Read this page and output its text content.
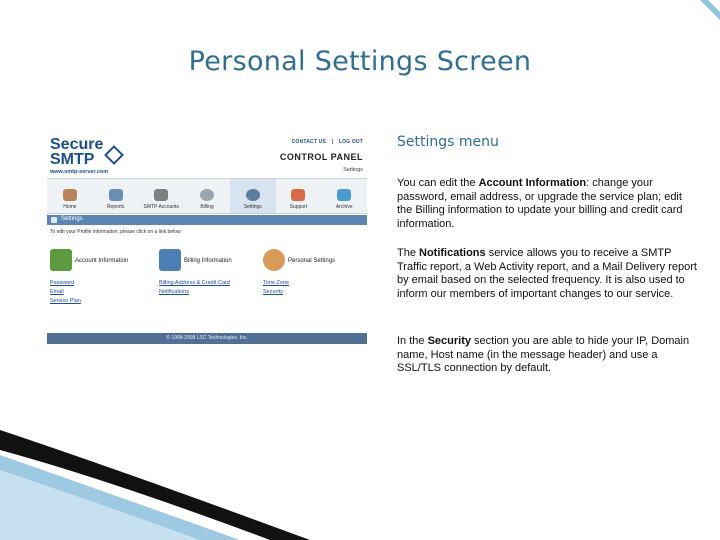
Personal Settings Screen
Secure
SMTP
www.smtp-server.com
CONTACT US | LOG OUT
CONTROL PANEL
Settings
Home	Reports	SMTP Accounts	Billing	Settings	Support	Archive
Settings
To edit your Profile information, please click on a link below
Account Information
Password
Email
Service Plan
Billing Information
Billing Address & Credit Card
Notifications
Personal Settings
Time Zone
Security
© 1998-2008 LSC Technologies, Inc.
Settings menu
You can edit the Account Information: change your password, email address, or upgrade the service plan; edit the Billing information to update your billing and credit card information.
The Notifications service allows you to receive a SMTP Traffic report, a Web Activity report, and a Mail Delivery report by email based on the selected frequency. It is also used to inform our members of important changes to our service.
In the Security section you are able to hide your IP, Domain name, Host name (in the message header) and use a SSL/TLS connection by default.
